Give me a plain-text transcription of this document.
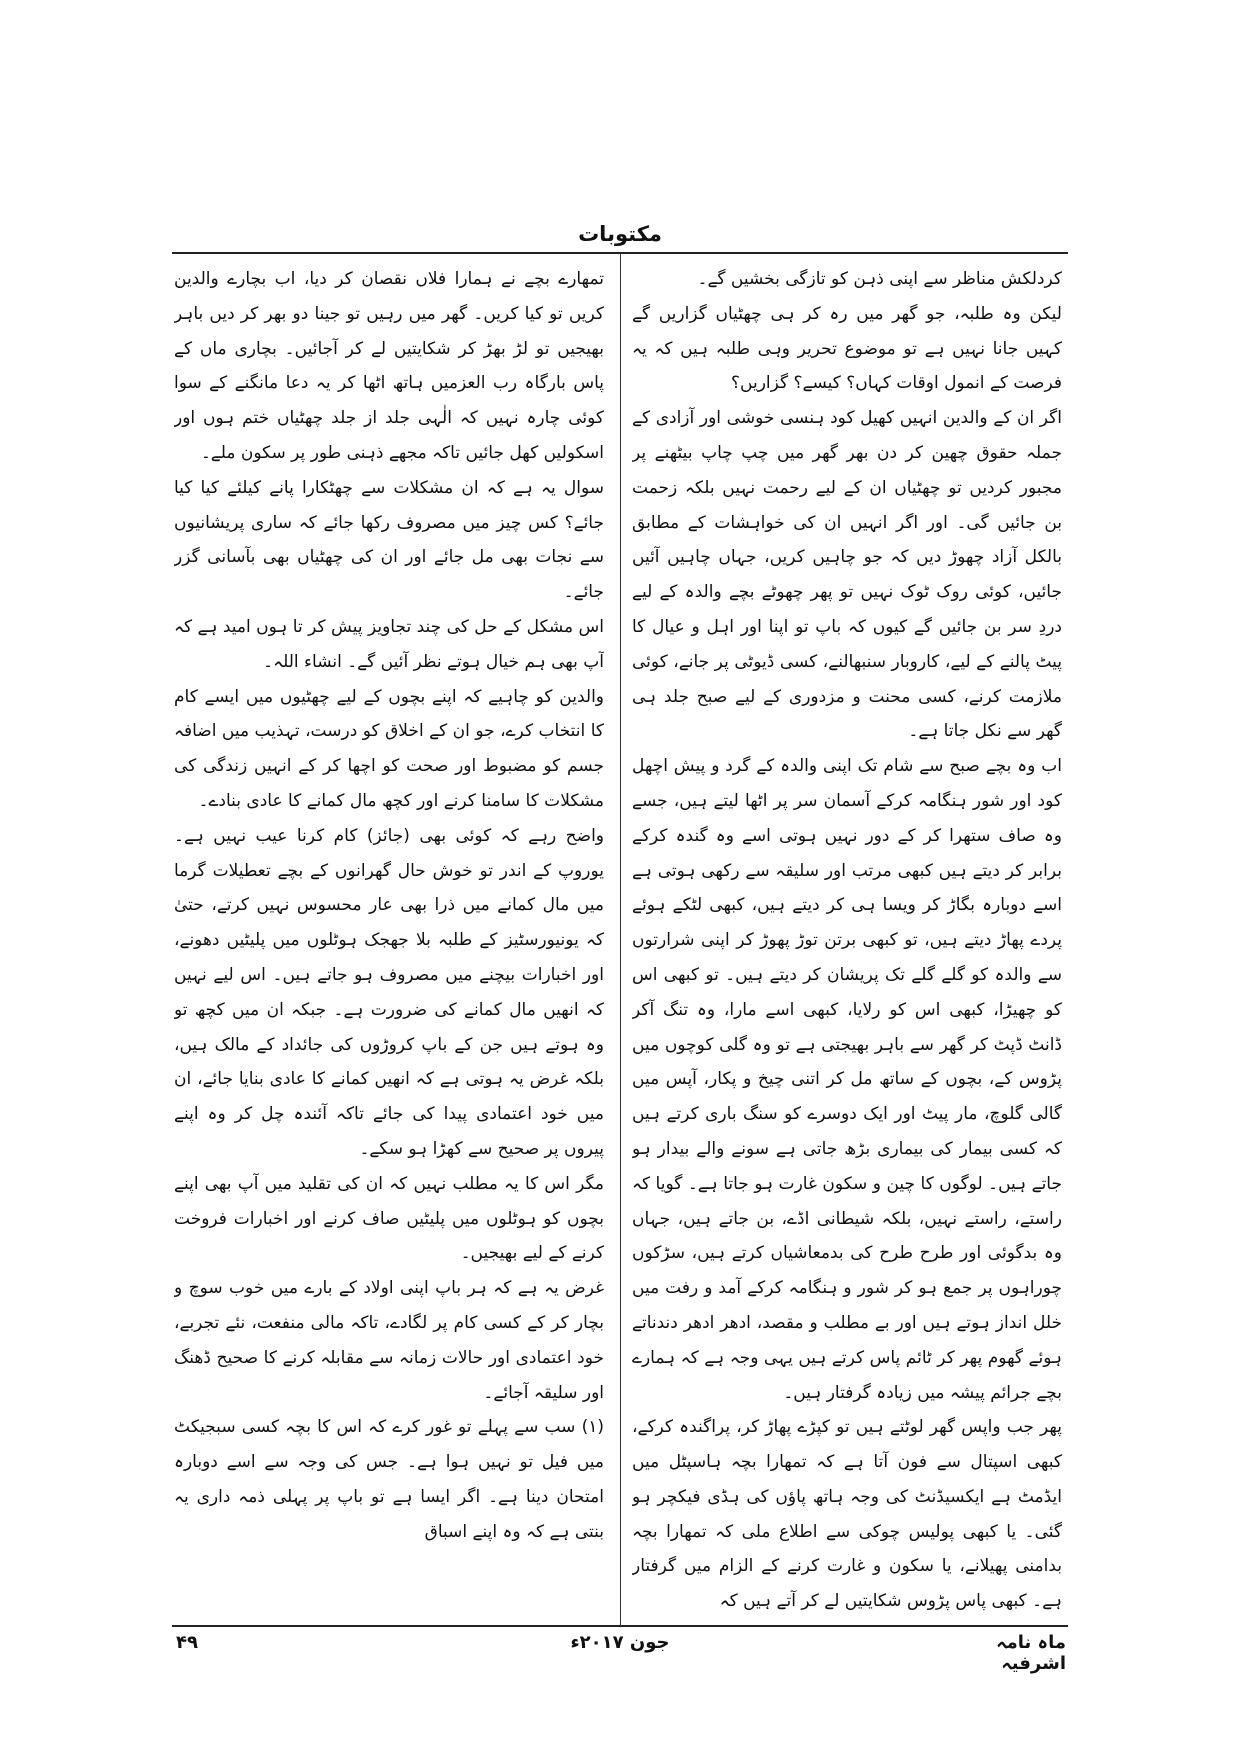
مکتوبات

کردلکش مناظر سے اپنی ذہن کو تازگی بخشیں گے۔

لیکن وہ طلبہ، جو گھر میں رہ کر ہی چھٹیاں گزاریں گے کہیں جانا نہیں ہے تو موضوع تحریر وہی طلبہ ہیں کہ یہ فرصت کے انمول اوقات کہاں؟ کیسے؟ گزاریں؟

اگر ان کے والدین انہیں کھیل کود ہنسی خوشی اور آزادی کے جملہ حقوق چھین کر دن بھر گھر میں چپ چاپ بیٹھنے پر مجبور کردیں تو چھٹیاں ان کے لیے رحمت نہیں بلکہ زحمت بن جائیں گی۔ اور اگر انہیں ان کی خواہشات کے مطابق بالکل آزاد چھوڑ دیں کہ جو چاہیں کریں، جہاں چاہیں آئیں جائیں، کوئی روک ٹوک نہیں تو پھر چھوٹے بچے والدہ کے لیے دردِ سر بن جائیں گے کیوں کہ باپ تو اپنا اور اہل و عیال کا پیٹ پالنے کے لیے، کاروبار سنبھالنے، کسی ڈیوٹی پر جانے، کوئی ملازمت کرنے، کسی محنت و مزدوری کے لیے صبح جلد ہی گھر سے نکل جاتا ہے۔

اب وہ بچے صبح سے شام تک اپنی والدہ کے گرد و پیش اچھل کود اور شور ہنگامہ کرکے آسمان سر پر اٹھا لیتے ہیں، جسے وہ صاف ستھرا کر کے دور نہیں ہوتی اسے وہ گندہ کرکے برابر کر دیتے ہیں کبھی مرتب اور سلیقہ سے رکھی ہوتی ہے اسے دوبارہ بگاڑ کر ویسا ہی کر دیتے ہیں، کبھی لٹکے ہوئے پردے پھاڑ دیتے ہیں، تو کبھی برتن توڑ پھوڑ کر اپنی شرارتوں سے والدہ کو گلے گلے تک پریشان کر دیتے ہیں۔ تو کبھی اس کو چھیڑا، کبھی اس کو رلایا، کبھی اسے مارا، وہ تنگ آکر ڈانٹ ڈپٹ کر گھر سے باہر بھیجتی ہے تو وہ گلی کوچوں میں پڑوس کے، بچوں کے ساتھ مل کر اتنی چیخ و پکار، آپس میں گالی گلوچ، مار پیٹ اور ایک دوسرے کو سنگ باری کرتے ہیں کہ کسی بیمار کی بیماری بڑھ جاتی ہے سونے والے بیدار ہو جاتے ہیں۔ لوگوں کا چین و سکون غارت ہو جاتا ہے۔ گویا کہ راستے، راستے نہیں، بلکہ شیطانی اڈے، بن جاتے ہیں، جہاں وہ بدگوئی اور طرح طرح کی بدمعاشیاں کرتے ہیں، سڑکوں چوراہوں پر جمع ہو کر شور و ہنگامہ کرکے آمد و رفت میں خلل انداز ہوتے ہیں اور بے مطلب و مقصد، ادھر ادھر دندناتے ہوئے گھوم پھر کر ٹائم پاس کرتے ہیں یہی وجہ ہے کہ ہمارے بچے جرائم پیشہ میں زیادہ گرفتار ہیں۔

پھر جب واپس گھر لوٹتے ہیں تو کپڑے پھاڑ کر، پراگندہ کرکے، کبھی اسپتال سے فون آتا ہے کہ تمھارا بچہ ہاسپٹل میں ایڈمٹ ہے ایکسیڈنٹ کی وجہ ہاتھ پاؤں کی ہڈی فیکچر ہو گئی۔ یا کبھی پولیس چوکی سے اطلاع ملی کہ تمھارا بچہ بدامنی پھیلانے، یا سکون و غارت کرنے کے الزام میں گرفتار ہے۔ کبھی پاس پڑوس شکایتیں لے کر آتے ہیں کہ

تمھارے بچے نے ہمارا فلاں نقصان کر دیا، اب بچارے والدین کریں تو کیا کریں۔ گھر میں رہیں تو جینا دو بھر کر دیں باہر بھیجیں تو لڑ بھڑ کر شکایتیں لے کر آجائیں۔ بچاری ماں کے پاس بارگاہ رب العزمیں ہاتھ اٹھا کر یہ دعا مانگنے کے سوا کوئی چارہ نہیں کہ الٰہی جلد از جلد چھٹیاں ختم ہوں اور اسکولیں کھل جائیں تاکہ مجھے ذہنی طور پر سکون ملے۔

سوال یہ ہے کہ ان مشکلات سے چھٹکارا پانے کیلئے کیا کیا جائے؟ کس چیز میں مصروف رکھا جائے کہ ساری پریشانیوں سے نجات بھی مل جائے اور ان کی چھٹیاں بھی بآسانی گزر جائے۔

اس مشکل کے حل کی چند تجاویز پیش کر تا ہوں امید ہے کہ آپ بھی ہم خیال ہوتے نظر آئیں گے۔ انشاء اللہ۔

والدین کو چاہیے کہ اپنے بچوں کے لیے چھٹیوں میں ایسے کام کا انتخاب کرے، جو ان کے اخلاق کو درست، تہذیب میں اضافہ جسم کو مضبوط اور صحت کو اچھا کر کے انہیں زندگی کی مشکلات کا سامنا کرنے اور کچھ مال کمانے کا عادی بنادے۔

واضح رہے کہ کوئی بھی (جائز) کام کرنا عیب نہیں ہے۔ یوروپ کے اندر تو خوش حال گھرانوں کے بچے تعطیلات گرما میں مال کمانے میں ذرا بھی عار محسوس نہیں کرتے، حتیٰ کہ یونیورسٹیز کے طلبہ بلا جھجک ہوٹلوں میں پلیٹیں دھونے، اور اخبارات بیچنے میں مصروف ہو جاتے ہیں۔ اس لیے نہیں کہ انھیں مال کمانے کی ضرورت ہے۔ جبکہ ان میں کچھ تو وہ ہوتے ہیں جن کے باپ کروڑوں کی جائداد کے مالک ہیں، بلکہ غرض یہ ہوتی ہے کہ انھیں کمانے کا عادی بنایا جائے، ان میں خود اعتمادی پیدا کی جائے تاکہ آئندہ چل کر وہ اپنے پیروں پر صحیح سے کھڑا ہو سکے۔

مگر اس کا یہ مطلب نہیں کہ ان کی تقلید میں آپ بھی اپنے بچوں کو ہوٹلوں میں پلیٹیں صاف کرنے اور اخبارات فروخت کرنے کے لیے بھیجیں۔

غرض یہ ہے کہ ہر باپ اپنی اولاد کے بارے میں خوب سوچ و بچار کر کے کسی کام پر لگادے، تاکہ مالی منفعت، نئے تجربے، خود اعتمادی اور حالات زمانہ سے مقابلہ کرنے کا صحیح ڈھنگ اور سلیقہ آجائے۔

(۱) سب سے پہلے تو غور کرے کہ اس کا بچہ کسی سبجیکٹ میں فیل تو نہیں ہوا ہے۔ جس کی وجہ سے اسے دوبارہ امتحان دینا ہے۔ اگر ایسا ہے تو باپ پر پہلی ذمہ داری یہ بنتی ہے کہ وہ اپنے اسباق

ماہ نامہ اشرفیہ
جون ۲۰۱۷ء
۴۹
